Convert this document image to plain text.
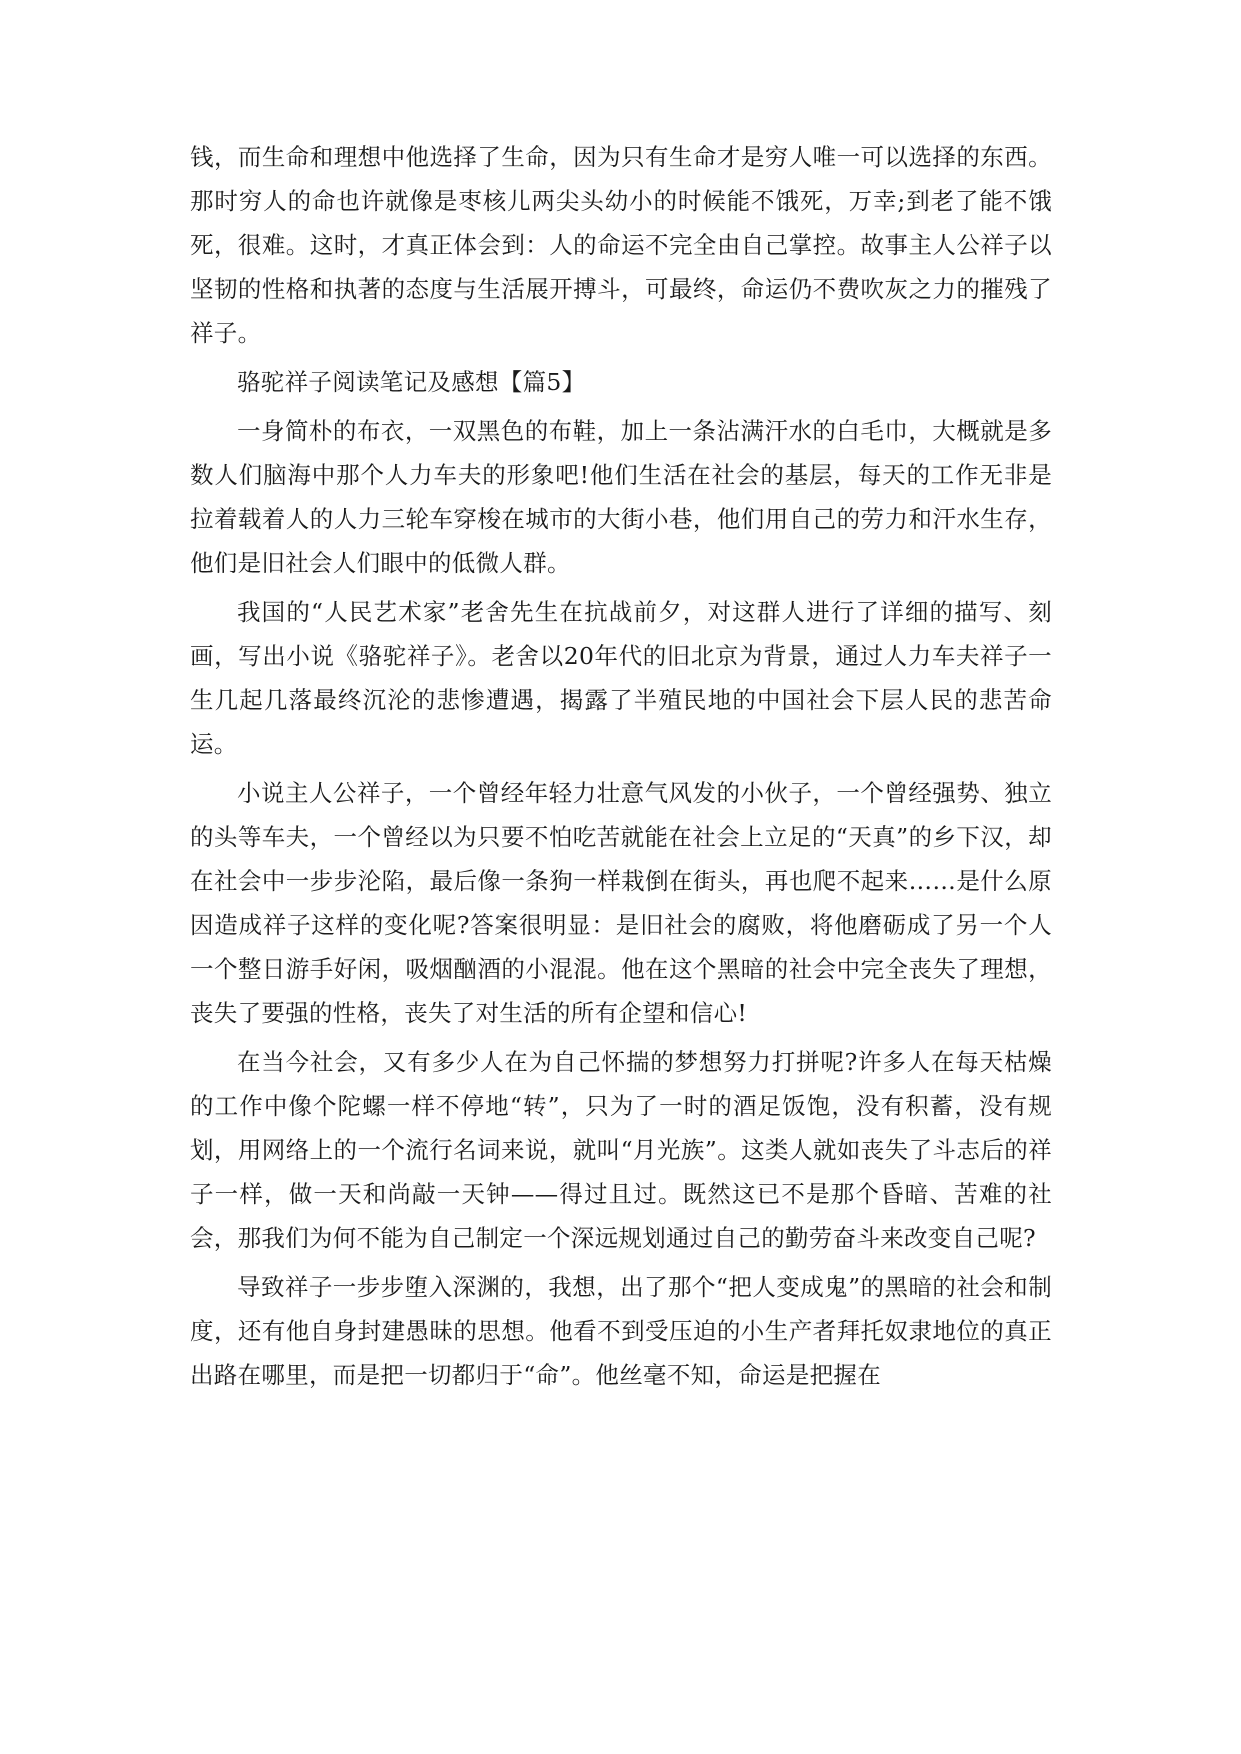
钱，而生命和理想中他选择了生命，因为只有生命才是穷人唯一可以选择的东西。那时穷人的命也许就像是枣核儿两尖头幼小的时候能不饿死，万幸;到老了能不饿死，很难。这时，才真正体会到：人的命运不完全由自己掌控。故事主人公祥子以坚韧的性格和执著的态度与生活展开搏斗，可最终，命运仍不费吹灰之力的摧残了祥子。

骆驼祥子阅读笔记及感想【篇5】

一身简朴的布衣，一双黑色的布鞋，加上一条沾满汗水的白毛巾，大概就是多数人们脑海中那个人力车夫的形象吧!他们生活在社会的基层，每天的工作无非是拉着载着人的人力三轮车穿梭在城市的大街小巷，他们用自己的劳力和汗水生存，他们是旧社会人们眼中的低微人群。

我国的“人民艺术家”老舍先生在抗战前夕，对这群人进行了详细的描写、刻画，写出小说《骆驼祥子》。老舍以20年代的旧北京为背景，通过人力车夫祥子一生几起几落最终沉沦的悲惨遭遇，揭露了半殖民地的中国社会下层人民的悲苦命运。

小说主人公祥子，一个曾经年轻力壮意气风发的小伙子，一个曾经强势、独立的头等车夫，一个曾经以为只要不怕吃苦就能在社会上立足的“天真”的乡下汉，却在社会中一步步沦陷，最后像一条狗一样栽倒在街头，再也爬不起来……是什么原因造成祥子这样的变化呢?答案很明显：是旧社会的腐败，将他磨砺成了另一个人一个整日游手好闲，吸烟酗酒的小混混。他在这个黑暗的社会中完全丧失了理想，丧失了要强的性格，丧失了对生活的所有企望和信心!

在当今社会，又有多少人在为自己怀揣的梦想努力打拼呢?许多人在每天枯燥的工作中像个陀螺一样不停地“转”，只为了一时的酒足饭饱，没有积蓄，没有规划，用网络上的一个流行名词来说，就叫“月光族”。这类人就如丧失了斗志后的祥子一样，做一天和尚敲一天钟——得过且过。既然这已不是那个昏暗、苦难的社会，那我们为何不能为自己制定一个深远规划通过自己的勤劳奋斗来改变自己呢?

导致祥子一步步堕入深渊的，我想，出了那个“把人变成鬼”的黑暗的社会和制度，还有他自身封建愚昧的思想。他看不到受压迫的小生产者拜托奴隶地位的真正出路在哪里，而是把一切都归于“命”。他丝毫不知，命运是把握在
